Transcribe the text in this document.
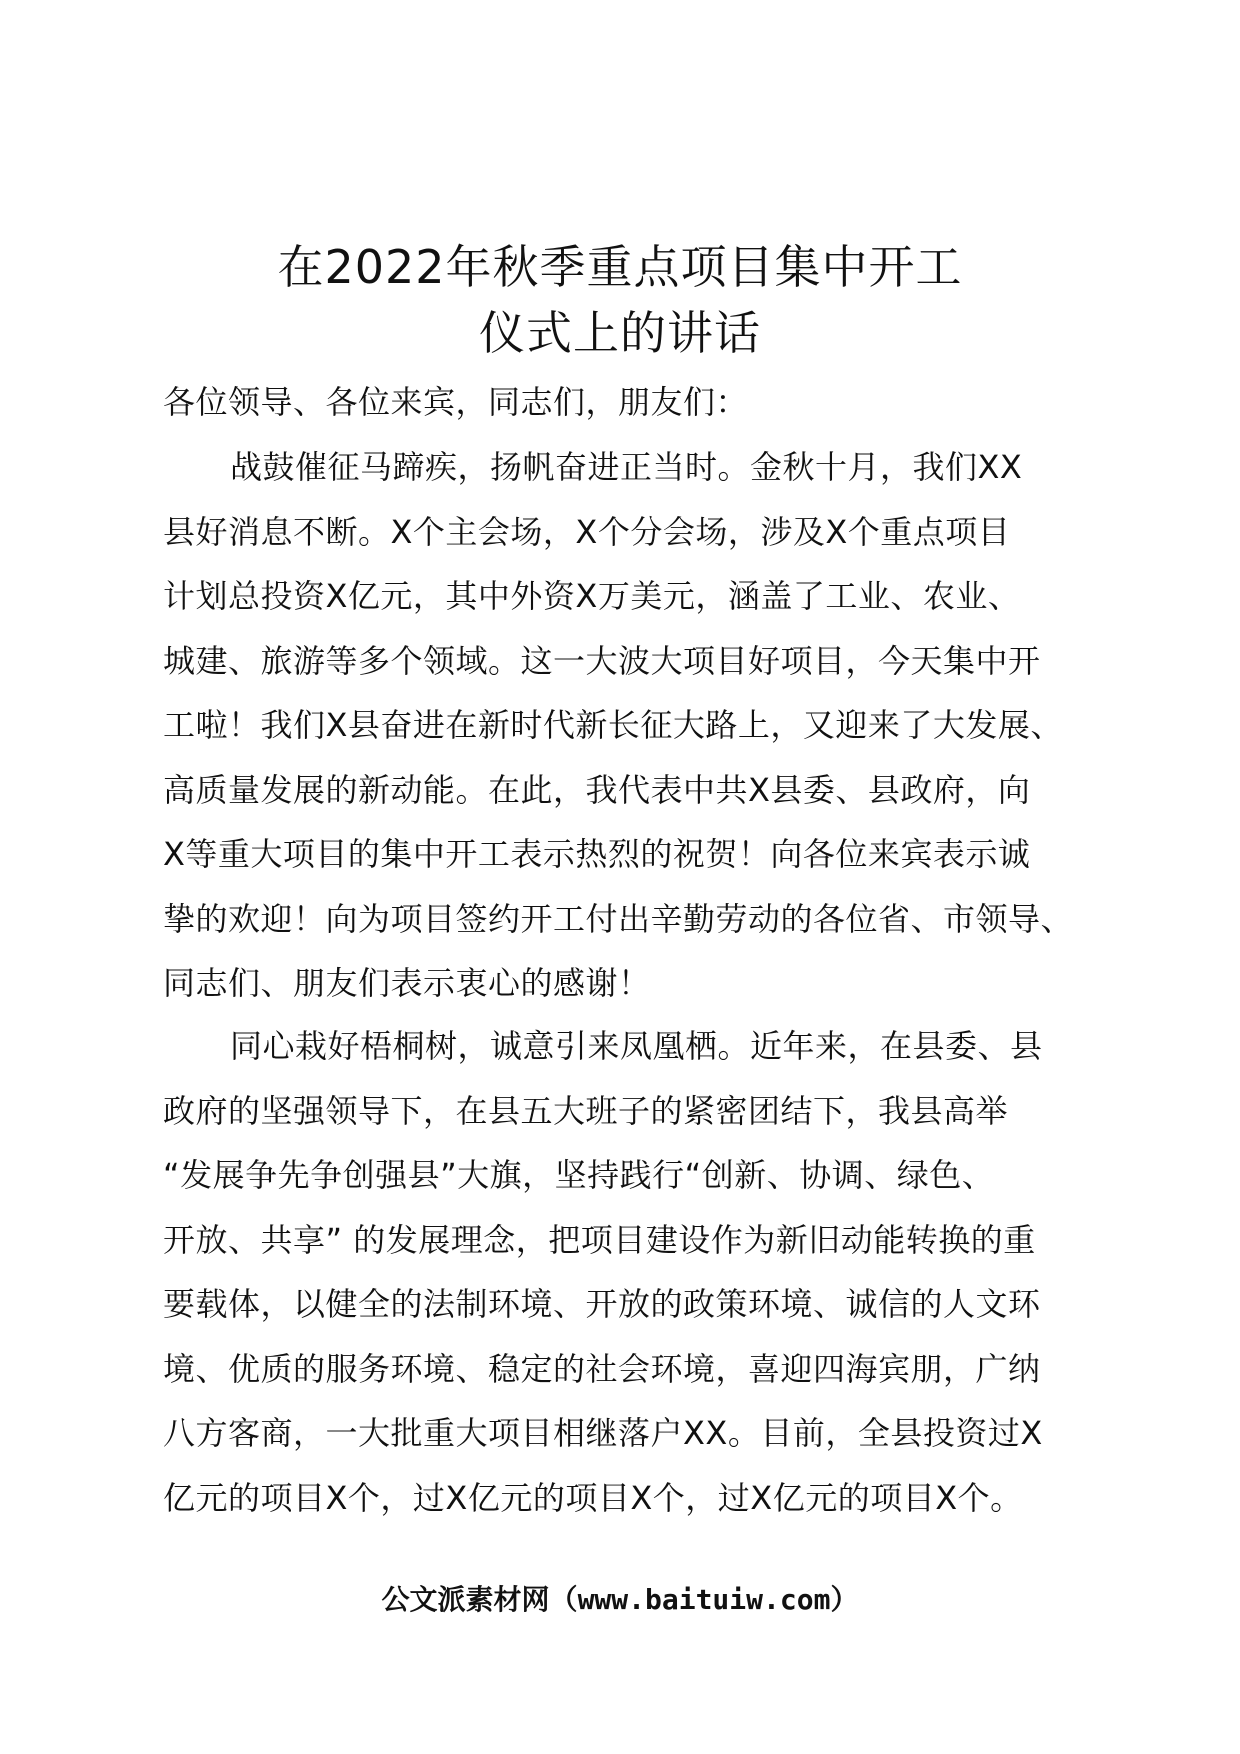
在2022年秋季重点项目集中开工
仪式上的讲话
各位领导、各位来宾，同志们，朋友们：
战鼓催征马蹄疾，扬帆奋进正当时。金秋十月，我们XX
县好消息不断。X个主会场，X个分会场，涉及X个重点项目
计划总投资X亿元，其中外资X万美元，涵盖了工业、农业、
城建、旅游等多个领域。这一大波大项目好项目，今天集中开
工啦！我们X县奋进在新时代新长征大路上，又迎来了大发展、
高质量发展的新动能。在此，我代表中共X县委、县政府，向
X等重大项目的集中开工表示热烈的祝贺！向各位来宾表示诚
挚的欢迎！向为项目签约开工付出辛勤劳动的各位省、市领导、
同志们、朋友们表示衷心的感谢！
同心栽好梧桐树，诚意引来凤凰栖。近年来，在县委、县
政府的坚强领导下，在县五大班子的紧密团结下，我县高举
“发展争先争创强县”大旗，坚持践行“创新、协调、绿色、
开放、共享” 的发展理念，把项目建设作为新旧动能转换的重
要载体，以健全的法制环境、开放的政策环境、诚信的人文环
境、优质的服务环境、稳定的社会环境，喜迎四海宾朋，广纳
八方客商，一大批重大项目相继落户XX。目前，全县投资过X
亿元的项目X个，过X亿元的项目X个，过X亿元的项目X个。
公文派素材网（www.baituiw.com）
